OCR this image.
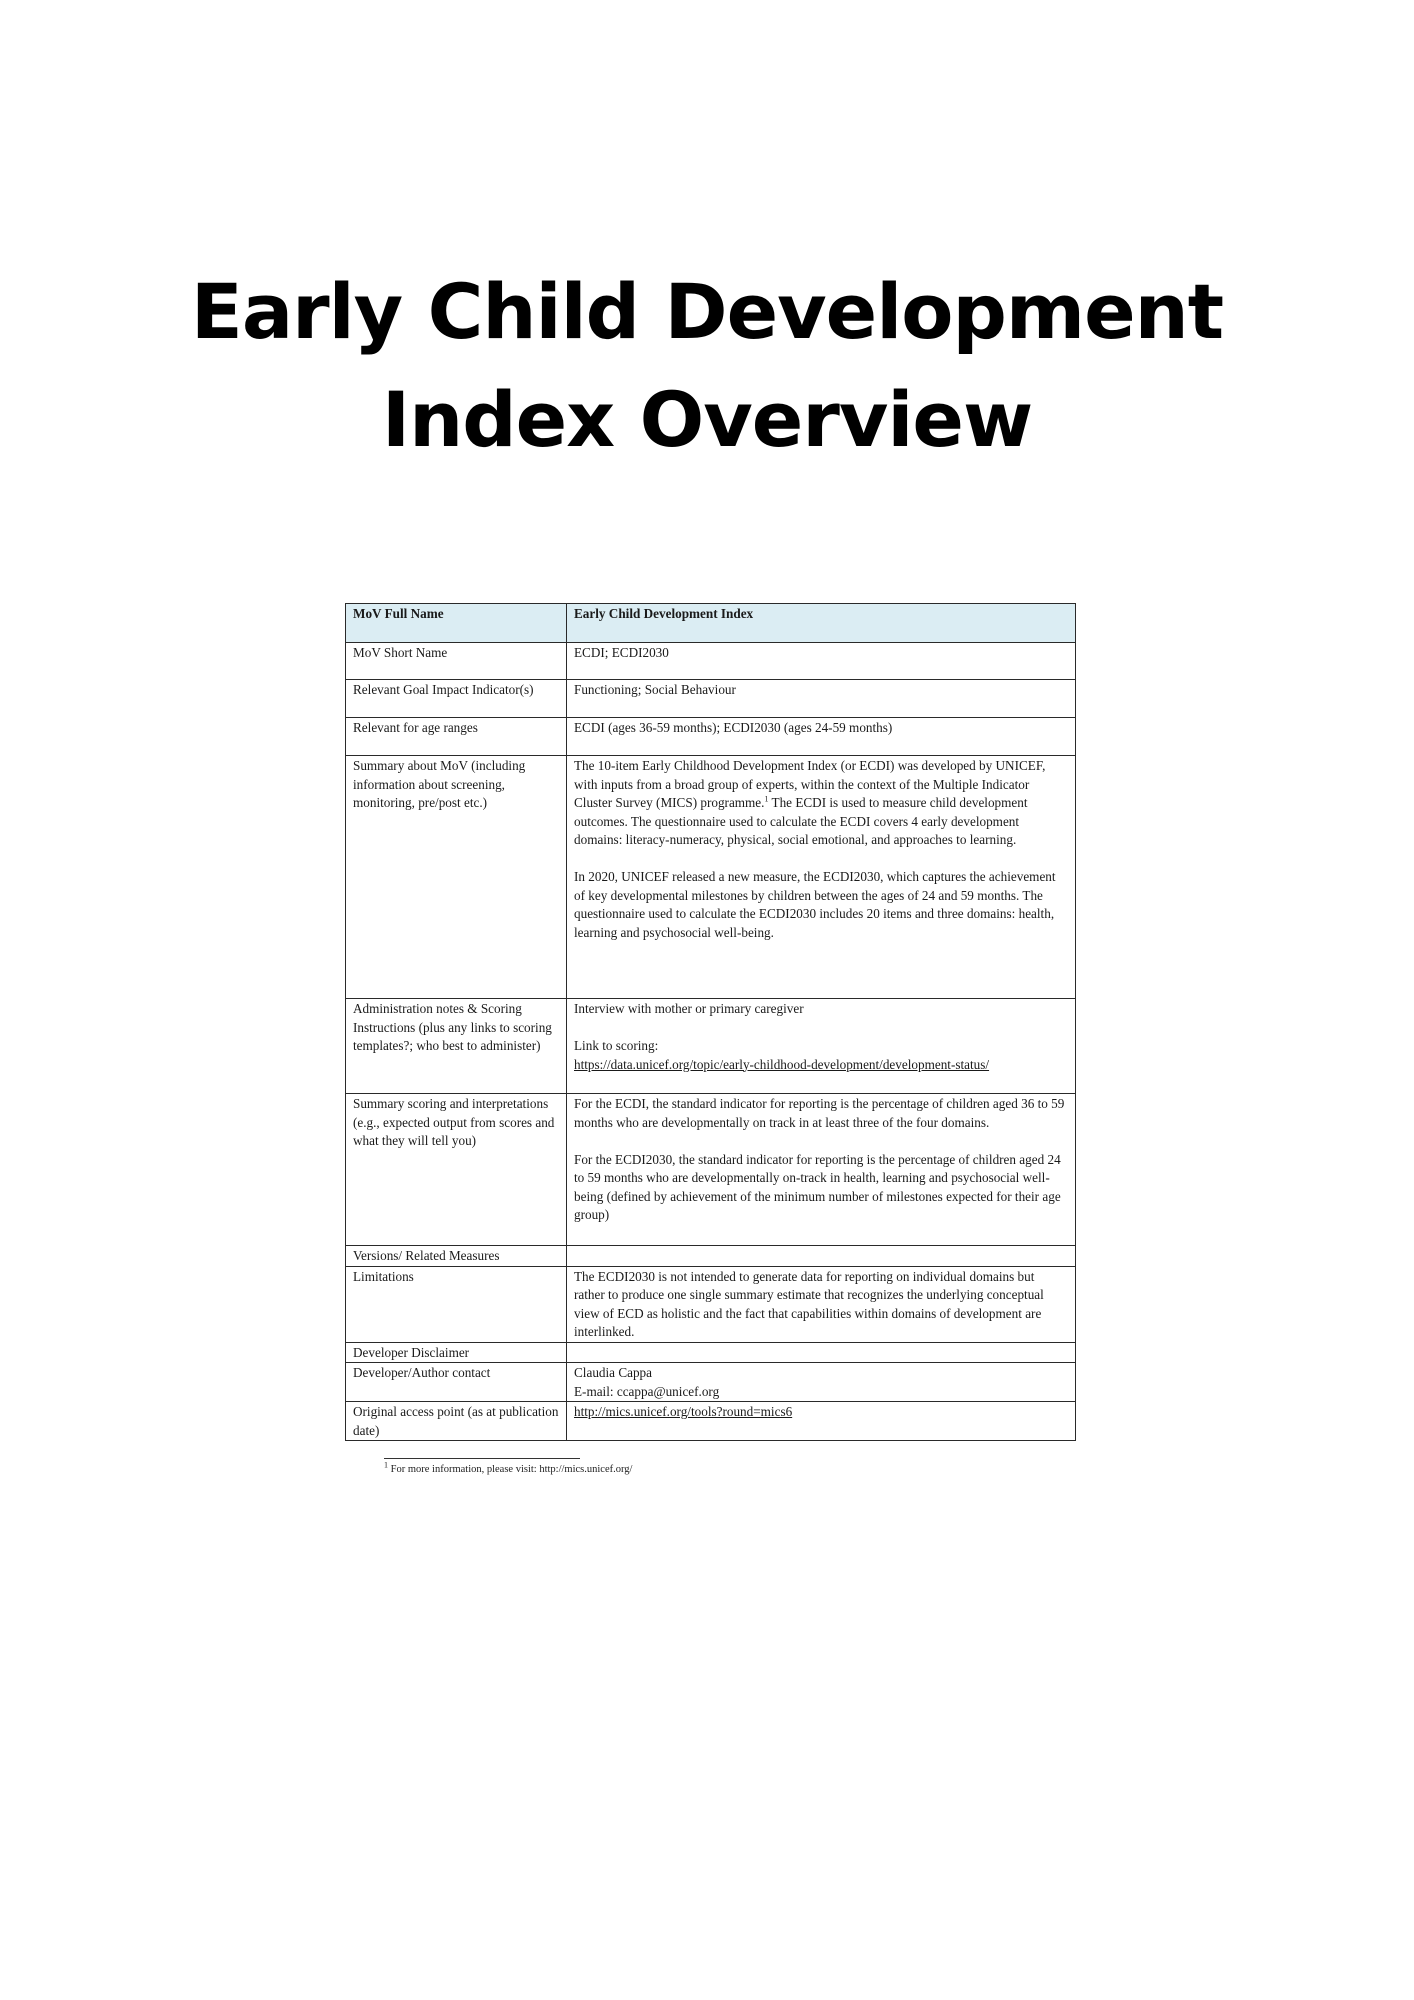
Early Child Development
Index Overview
MoV Full Name	Early Child Development Index
MoV Short Name	ECDI; ECDI2030
Relevant Goal Impact Indicator(s)	Functioning; Social Behaviour
Relevant for age ranges	ECDI (ages 36-59 months); ECDI2030 (ages 24-59 months)
Summary about MoV (including information about screening, monitoring, pre/post etc.)	The 10-item Early Childhood Development Index (or ECDI) was developed by UNICEF, with inputs from a broad group of experts, within the context of the Multiple Indicator Cluster Survey (MICS) programme.$^1$ The ECDI is used to measure child development outcomes. The questionnaire used to calculate the ECDI covers 4 early development domains: literacy-numeracy, physical, social emotional, and approaches to learning.

In 2020, UNICEF released a new measure, the ECDI2030, which captures the achievement of key developmental milestones by children between the ages of 24 and 59 months. The questionnaire used to calculate the ECDI2030 includes 20 items and three domains: health, learning and psychosocial well-being.

Administration notes & Scoring Instructions (plus any links to scoring templates?; who best to administer)	Interview with mother or primary caregiver

Link to scoring:

https://data.unicef.org/topic/early-childhood-development/development-status/

Summary scoring and interpretations (e.g., expected output from scores and what they will tell you)	For the ECDI, the standard indicator for reporting is the percentage of children aged 36 to 59 months who are developmentally on track in at least three of the four domains.

For the ECDI2030, the standard indicator for reporting is the percentage of children aged 24 to 59 months who are developmentally on-track in health, learning and psychosocial well-being (defined by achievement of the minimum number of milestones expected for their age group)

Versions/ Related Measures	
Limitations	The ECDI2030 is not intended to generate data for reporting on individual domains but rather to produce one single summary estimate that recognizes the underlying conceptual view of ECD as holistic and the fact that capabilities within domains of development are interlinked.
Developer Disclaimer	
Developer/Author contact	Claudia Cappa

E-mail: ccappa@unicef.org

Original access point (as at publication date)	http://mics.unicef.org/tools?round=mics6
$^1$ For more information, please visit: http://mics.unicef.org/
